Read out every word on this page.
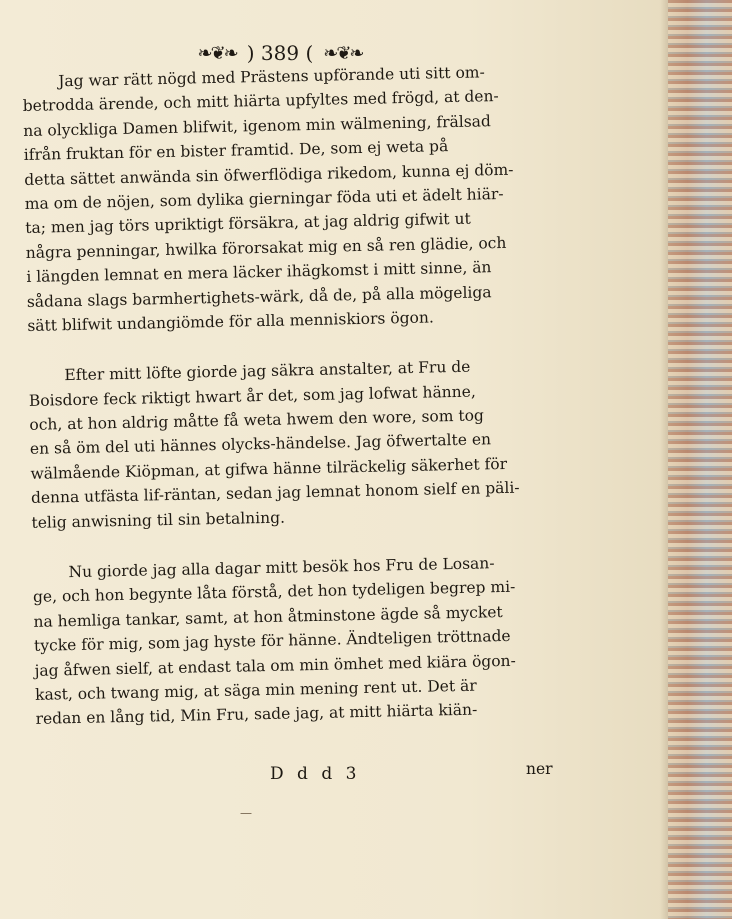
❧❦❧ ) 389 ( ❧❦❧
Jag war rätt nögd med Prästens upförande uti sitt om-
betrodda ärende, och mitt hiärta upfyltes med frögd, at den-
na olyckliga Damen blifwit, igenom min wälmening, frälsad
ifrån fruktan för en bister framtid. De, som ej weta på
detta sättet anwända sin öfwerflödiga rikedom, kunna ej döm-
ma om de nöjen, som dylika gierningar föda uti et ädelt hiär-
ta; men jag törs upriktigt försäkra, at jag aldrig gifwit ut
några penningar, hwilka förorsakat mig en så ren glädie, och
i längden lemnat en mera läcker ihägkomst i mitt sinne, än
sådana slags barmhertighets-wärk, då de, på alla mögeliga
sätt blifwit undangiömde för alla menniskiors ögon.
Efter mitt löfte giorde jag säkra anstalter, at Fru de
Boisdore feck riktigt hwart år det, som jag lofwat hänne,
och, at hon aldrig måtte få weta hwem den wore, som tog
en så öm del uti hännes olycks-händelse. Jag öfwertalte en
wälmående Kiöpman, at gifwa hänne tilräckelig säkerhet för
denna utfästa lif-räntan, sedan jag lemnat honom sielf en päli-
telig anwisning til sin betalning.
Nu giorde jag alla dagar mitt besök hos Fru de Losan-
ge, och hon begynte låta förstå, det hon tydeligen begrep mi-
na hemliga tankar, samt, at hon åtminstone ägde så mycket
tycke för mig, som jag hyste för hänne. Ändteligen tröttnade
jag åfwen sielf, at endast tala om min ömhet med kiära ögon-
kast, och twang mig, at säga min mening rent ut. Det är
redan en lång tid, Min Fru, sade jag, at mitt hiärta kiän-
D d d 3	ner
—
